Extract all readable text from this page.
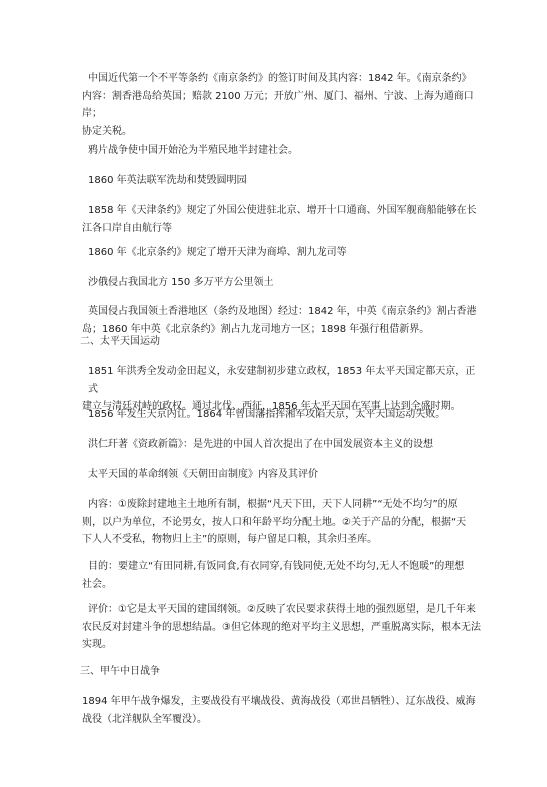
中国近代第一个不平等条约《南京条约》的签订时间及其内容：1842 年。《南京条约》
内容：割香港岛给英国；赔款 2100 万元；开放广州、厦门、福州、宁波、上海为通商口岸；
协定关税。
鸦片战争使中国开始沦为半殖民地半封建社会。
1860 年英法联军洗劫和焚毁圆明园
1858 年《天津条约》规定了外国公使进驻北京、增开十口通商、外国军舰商船能够在长
江各口岸自由航行等
1860 年《北京条约》规定了增开天津为商埠、割九龙司等
沙俄侵占我国北方 150 多万平方公里领土
英国侵占我国领土香港地区（条约及地图）经过：1842 年，中英《南京条约》割占香港
岛；1860 年中英《北京条约》割占九龙司地方一区；1898 年强行租借新界。
二、太平天国运动
1851 年洪秀全发动金田起义，永安建制初步建立政权，1853 年太平天国定都天京，正式
建立与清廷对峙的政权。通过北伐、西征，1856 年太平天国在军事上达到全盛时期。
1856 年发生天京内讧。1864 年曾国藩指挥湘军攻陷天京，太平天国运动失败。
洪仁玕著《资政新篇》：是先进的中国人首次提出了在中国发展资本主义的设想
太平天国的革命纲领《天朝田亩制度》内容及其评价
内容：①废除封建地主土地所有制，根据“凡天下田，天下人同耕”“无处不均匀”的原
则，以户为单位，不论男女，按人口和年龄平均分配土地。②关于产品的分配，根据“天
下人人不受私，物物归上主”的原则，每户留足口粮，其余归圣库。
目的：要建立“有田同耕,有饭同食,有衣同穿,有钱同使,无处不均匀,无人不饱暖”的理想
社会。
评价：①它是太平天国的建国纲领。②反映了农民要求获得土地的强烈愿望，是几千年来
农民反对封建斗争的思想结晶。③但它体现的绝对平均主义思想，严重脱离实际，根本无法
实现。
三、甲午中日战争
1894 年甲午战争爆发，主要战役有平壤战役、黄海战役（邓世昌牺牲）、辽东战役、威海
战役（北洋舰队全军覆没）。
